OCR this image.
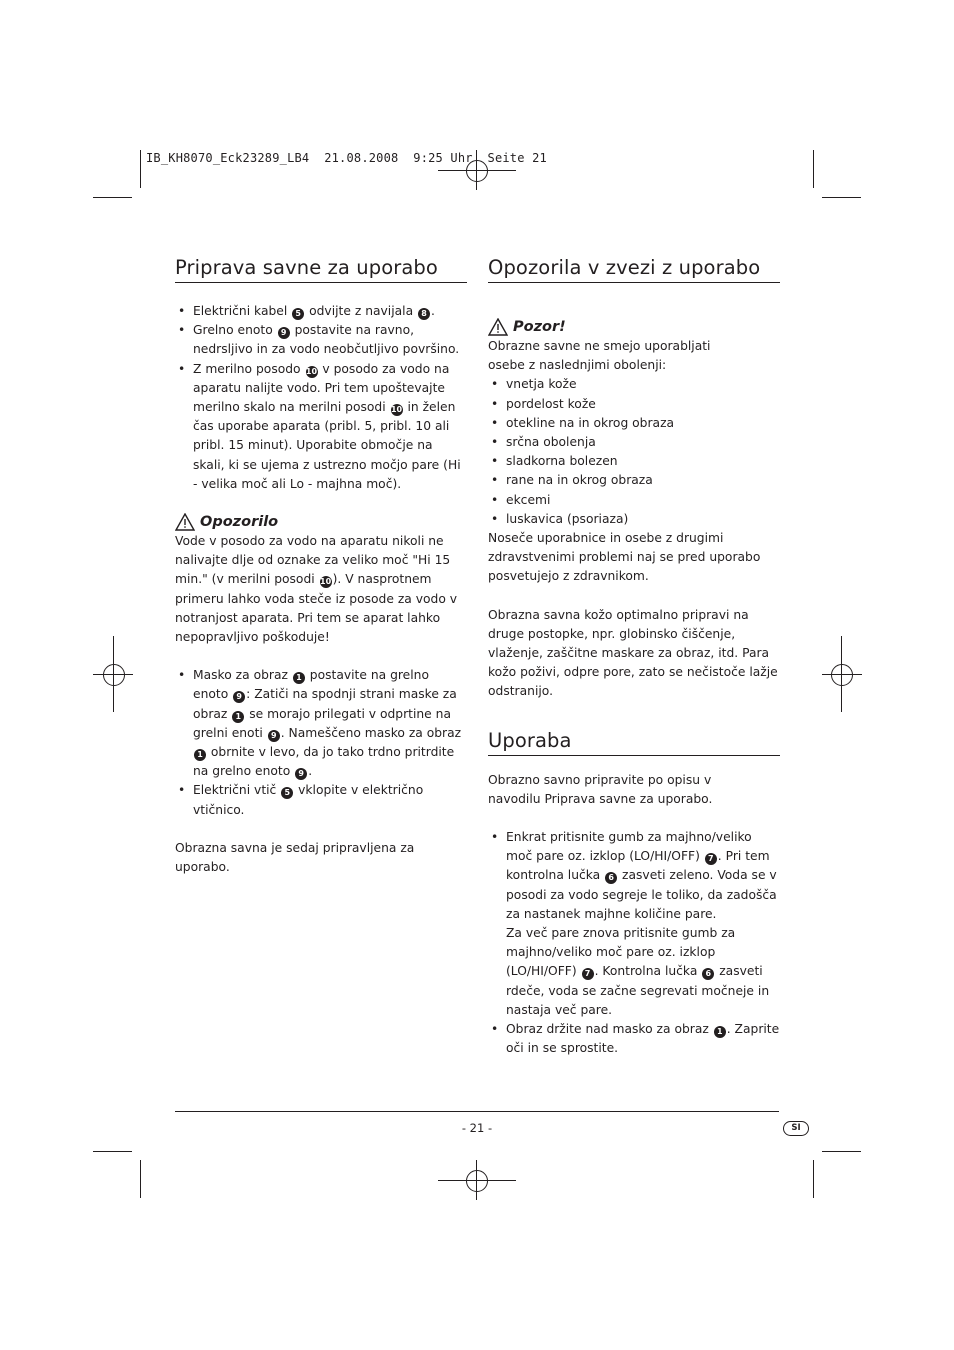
IB_KH8070_Eck23289_LB4  21.08.2008  9:25 Uhr  Seite 21
Priprava savne za uporabo
• Električni kabel 5 odvijte z navijala 8 .
• Grelno enoto 9 postavite na ravno, nedrsljivo in za vodo neobčutljivo površino.
• Z merilno posodo 10 v posodo za vodo na aparatu nalijte vodo. Pri tem upoštevajte merilno skalo na merilni posodi 10 in želen čas uporabe aparata (pribl. 5, pribl. 10 ali pribl. 15 minut). Uporabite območje na skali, ki se ujema z ustrezno močjo pare (Hi - velika moč ali Lo - majhna moč).
Opozorilo

Vode v posodo za vodo na aparatu nikoli ne nalivajte dlje od oznake za veliko moč "Hi 15 min." (v merilni posodi 10). V nasprotnem primeru lahko voda steče iz posode za vodo v notranjost aparata. Pri tem se aparat lahko nepopravljivo poškoduje!

• Masko za obraz 1 postavite na grelno enoto 9 : Zatiči na spodnji strani maske za obraz 1 se morajo prilegati v odprtine na grelni enoti 9 . Nameščeno masko za obraz 1 obrnite v levo, da jo tako trdno pritrdite na grelno enoto 9 .
• Električni vtič 5 vklopite v električno vtičnico.

Obrazna savna je sedaj pripravljena za uporabo.

Opozorila v zvezi z uporabo
Pozor!

Obrazne savne ne smejo uporabljati osebe z naslednjimi obolenji:

• vnetja kože
• pordelost kože
• otekline na in okrog obraza
• srčna obolenja
• sladkorna bolezen
• rane na in okrog obraza
• ekcemi
• luskavica (psoriaza)

Noseče uporabnice in osebe z drugimi zdravstvenimi problemi naj se pred uporabo posvetujejo z zdravnikom.

Obrazna savna kožo optimalno pripravi na druge postopke, npr. globinsko čiščenje, vlaženje, zaščitne maskare za obraz, itd. Para kožo poživi, odpre pore, zato se nečistoče lažje odstranijo.

Uporaba

Obrazno savno pripravite po opisu v navodilu Priprava savne za uporabo.

• Enkrat pritisnite gumb za majhno/veliko moč pare oz. izklop (LO/HI/OFF) 7 . Pri tem kontrolna lučka 6 zasveti zeleno. Voda se v posodi za vodo segreje le toliko, da zadošča za nastanek majhne količine pare.
Za več pare znova pritisnite gumb za majhno/veliko moč pare oz. izklop (LO/HI/OFF) 7 . Kontrolna lučka 6 zasveti rdeče, voda se začne segrevati močneje in nastaja več pare.
• Obraz držite nad masko za obraz 1 . Zaprite oči in se sprostite.
- 21 -	SI
